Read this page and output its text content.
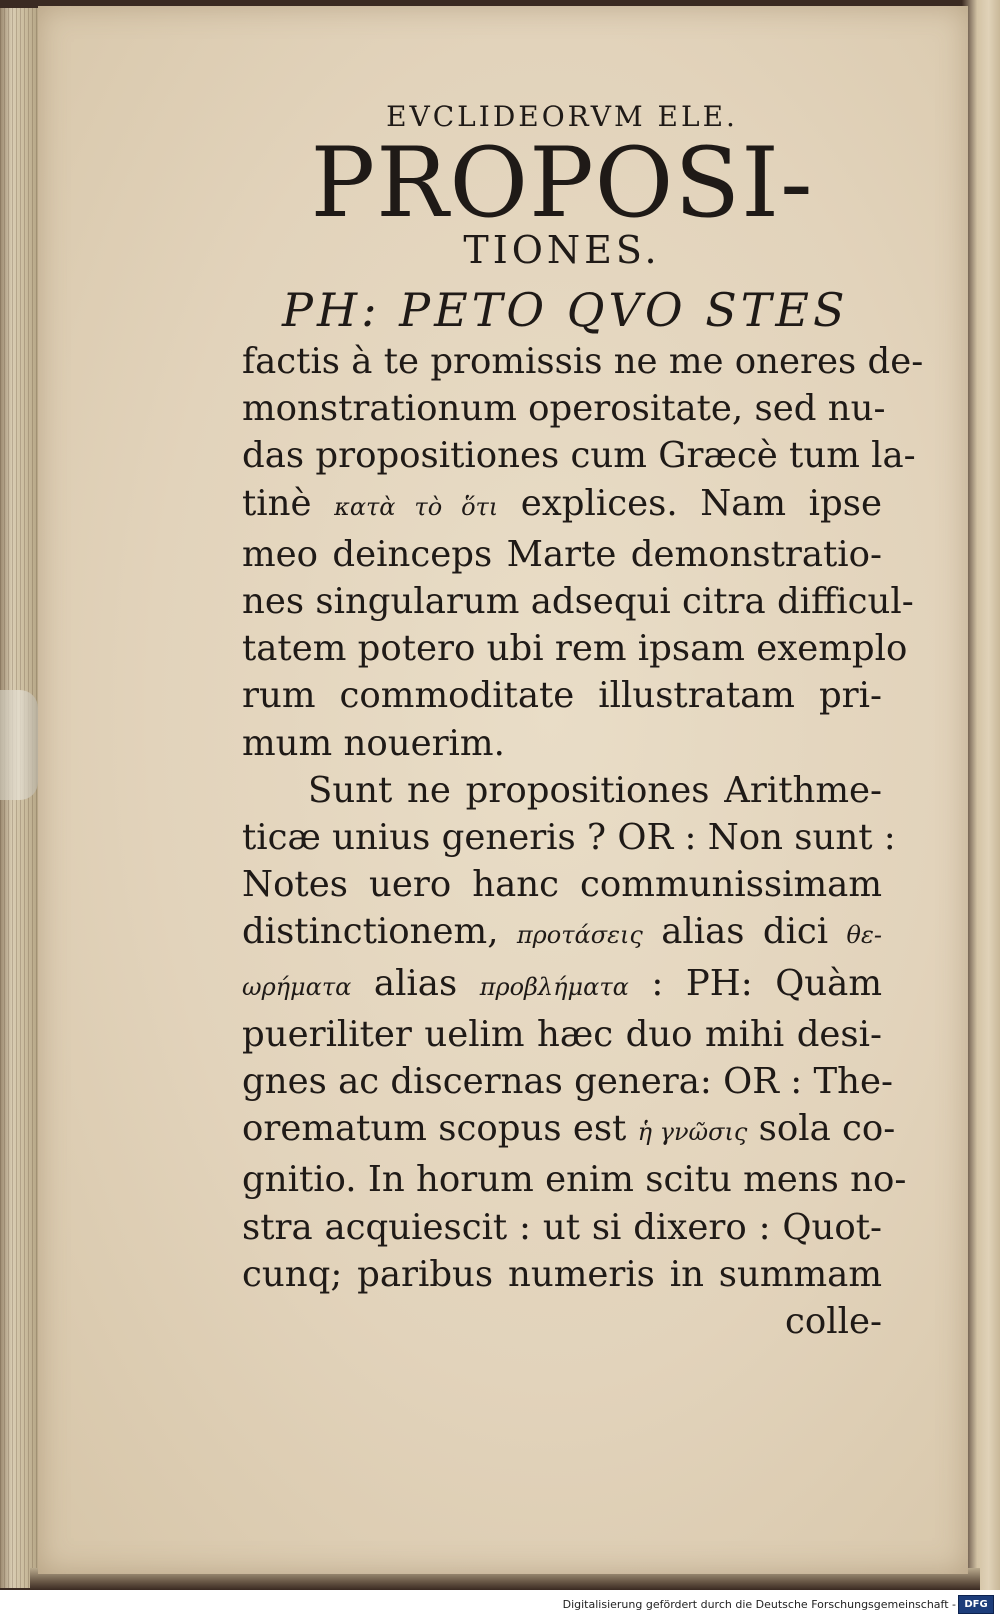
EVCLIDEORVM ELE.
PROPOSI-
TIONES.
PH: PETO QVO STES
factis à te promissis ne me oneres de-
monstrationum operositate, sed nu-
das propositiones cum Græcè tum la-
tinè κατὰ τὸ ὅτι explices. Nam ipse
meo deinceps Marte demonstratio-
nes singularum adsequi citra difficul-
tatem potero ubi rem ipsam exemplo
rum commoditate illustratam pri-
mum nouerim.
Sunt ne propositiones Arithme-
ticæ unius generis ? OR : Non sunt :
Notes uero hanc communissimam
distinctionem, προτάσεις alias dici θε-
ωρήματα alias προβλήματα : PH: Quàm
pueriliter uelim hæc duo mihi desi-
gnes ac discernas genera: OR : The-
orematum scopus est ἡ γνῶσις sola co-
gnitio. In horum enim scitu mens no-
stra acquiescit : ut si dixero : Quot-
cunq; paribus numeris in summam
colle-
Digitalisierung gefördert durch die Deutsche Forschungsgemeinschaft - DFG
